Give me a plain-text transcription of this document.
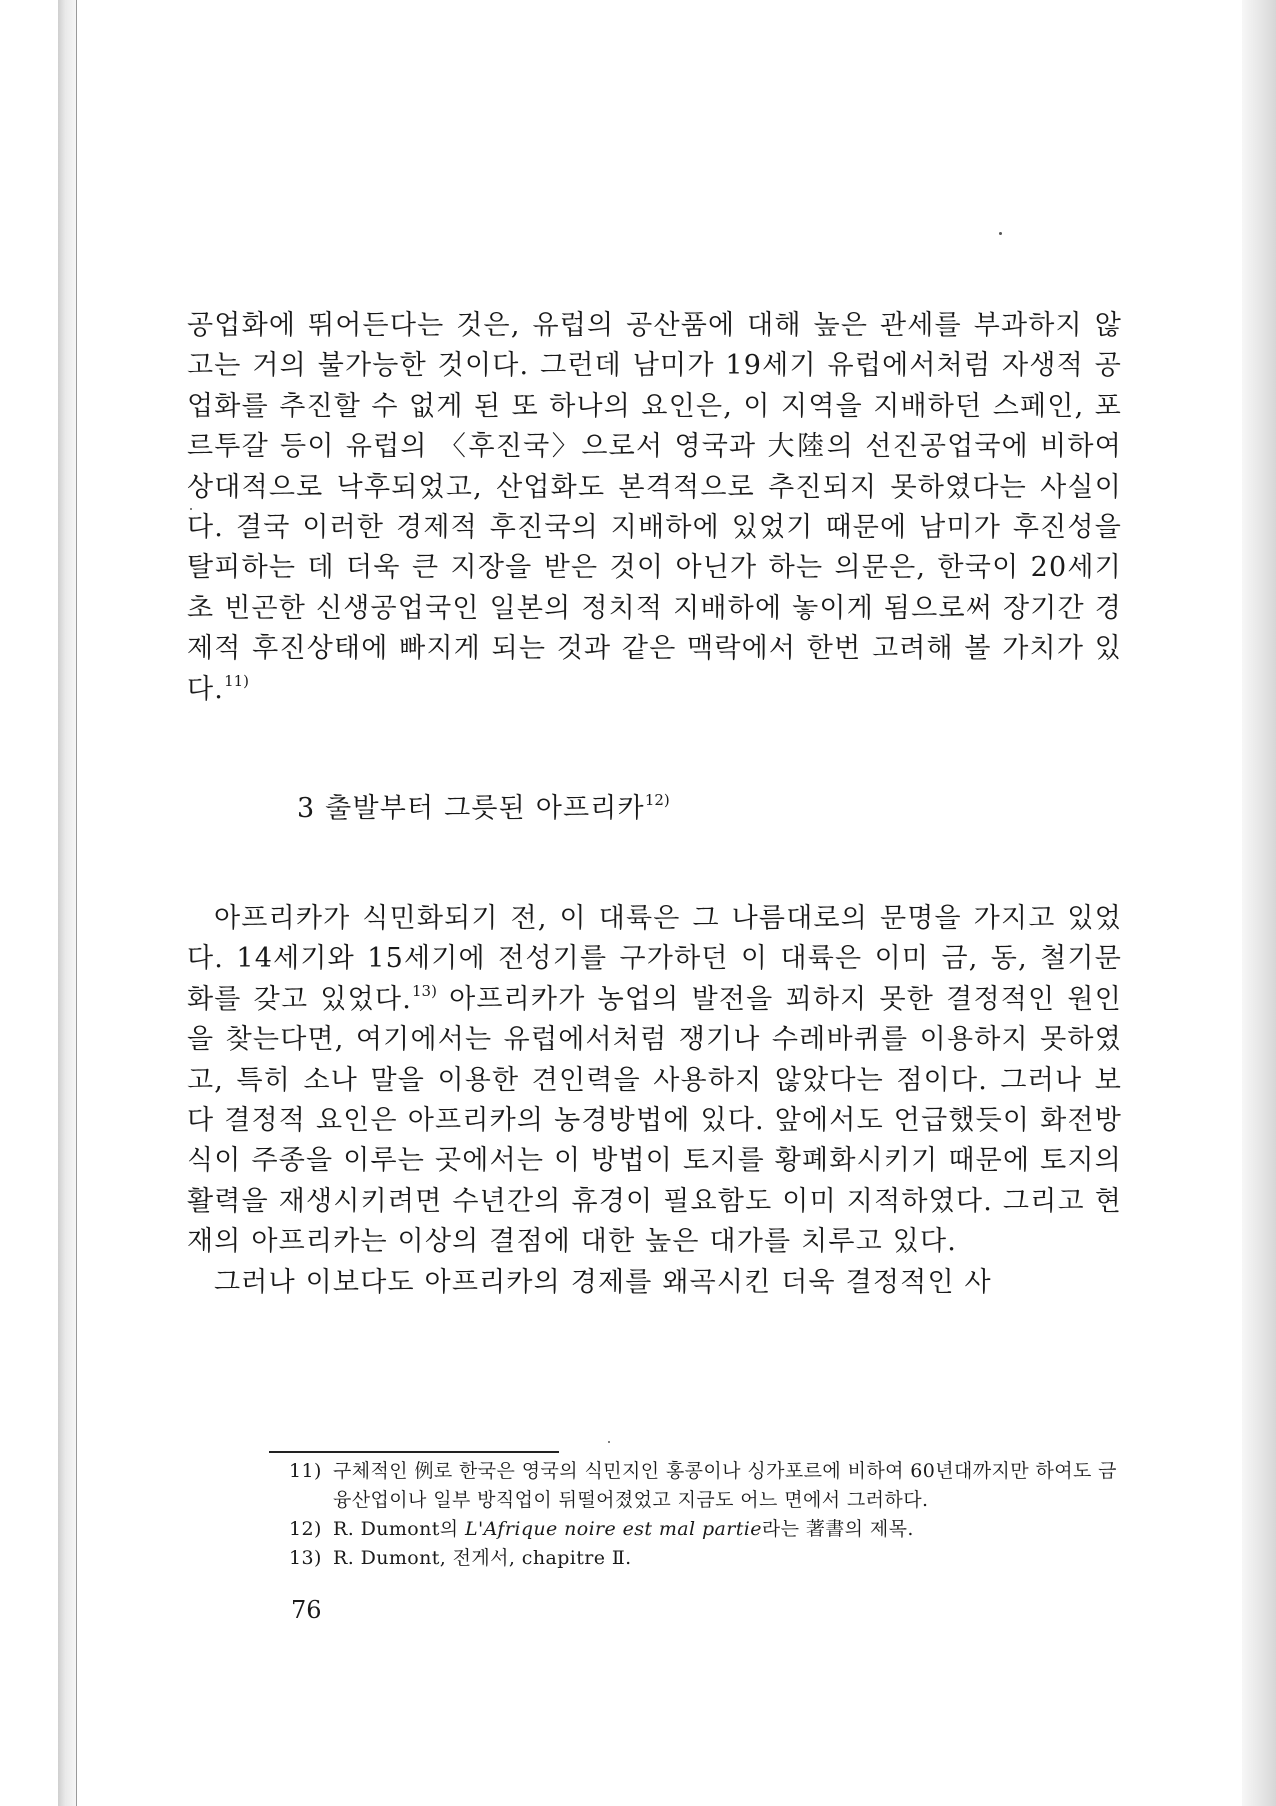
공업화에 뛰어든다는 것은, 유럽의 공산품에 대해 높은 관세를 부과하지 않고는 거의 불가능한 것이다. 그런데 남미가 19세기 유럽에서처럼 자생적 공업화를 추진할 수 없게 된 또 하나의 요인은, 이 지역을 지배하던 스페인, 포르투갈 등이 유럽의 〈후진국〉으로서 영국과 大陸의 선진공업국에 비하여 상대적으로 낙후되었고, 산업화도 본격적으로 추진되지 못하였다는 사실이다. 결국 이러한 경제적 후진국의 지배하에 있었기 때문에 남미가 후진성을 탈피하는 데 더욱 큰 지장을 받은 것이 아닌가 하는 의문은, 한국이 20세기초 빈곤한 신생공업국인 일본의 정치적 지배하에 놓이게 됨으로써 장기간 경제적 후진상태에 빠지게 되는 것과 같은 맥락에서 한번 고려해 볼 가치가 있다.$^{11)}$

3 출발부터 그릇된 아프리카$^{12)}$

아프리카가 식민화되기 전, 이 대륙은 그 나름대로의 문명을 가지고 있었다. 14세기와 15세기에 전성기를 구가하던 이 대륙은 이미 금, 동, 철기문화를 갖고 있었다.$^{13)}$ 아프리카가 농업의 발전을 꾀하지 못한 결정적인 원인을 찾는다면, 여기에서는 유럽에서처럼 쟁기나 수레바퀴를 이용하지 못하였고, 특히 소나 말을 이용한 견인력을 사용하지 않았다는 점이다. 그러나 보다 결정적 요인은 아프리카의 농경방법에 있다. 앞에서도 언급했듯이 화전방식이 주종을 이루는 곳에서는 이 방법이 토지를 황폐화시키기 때문에 토지의 활력을 재생시키려면 수년간의 휴경이 필요함도 이미 지적하였다. 그리고 현재의 아프리카는 이상의 결점에 대한 높은 대가를 치루고 있다.

그러나 이보다도 아프리카의 경제를 왜곡시킨 더욱 결정적인 사

11) 구체적인 例로 한국은 영국의 식민지인 홍콩이나 싱가포르에 비하여 60년대까지만 하여도 금융산업이나 일부 방직업이 뒤떨어졌었고 지금도 어느 면에서 그러하다.

12) R. Dumont의 L'Afrique noire est mal partie라는 著書의 제목.

13) R. Dumont, 전게서, chapitre Ⅱ.

76
